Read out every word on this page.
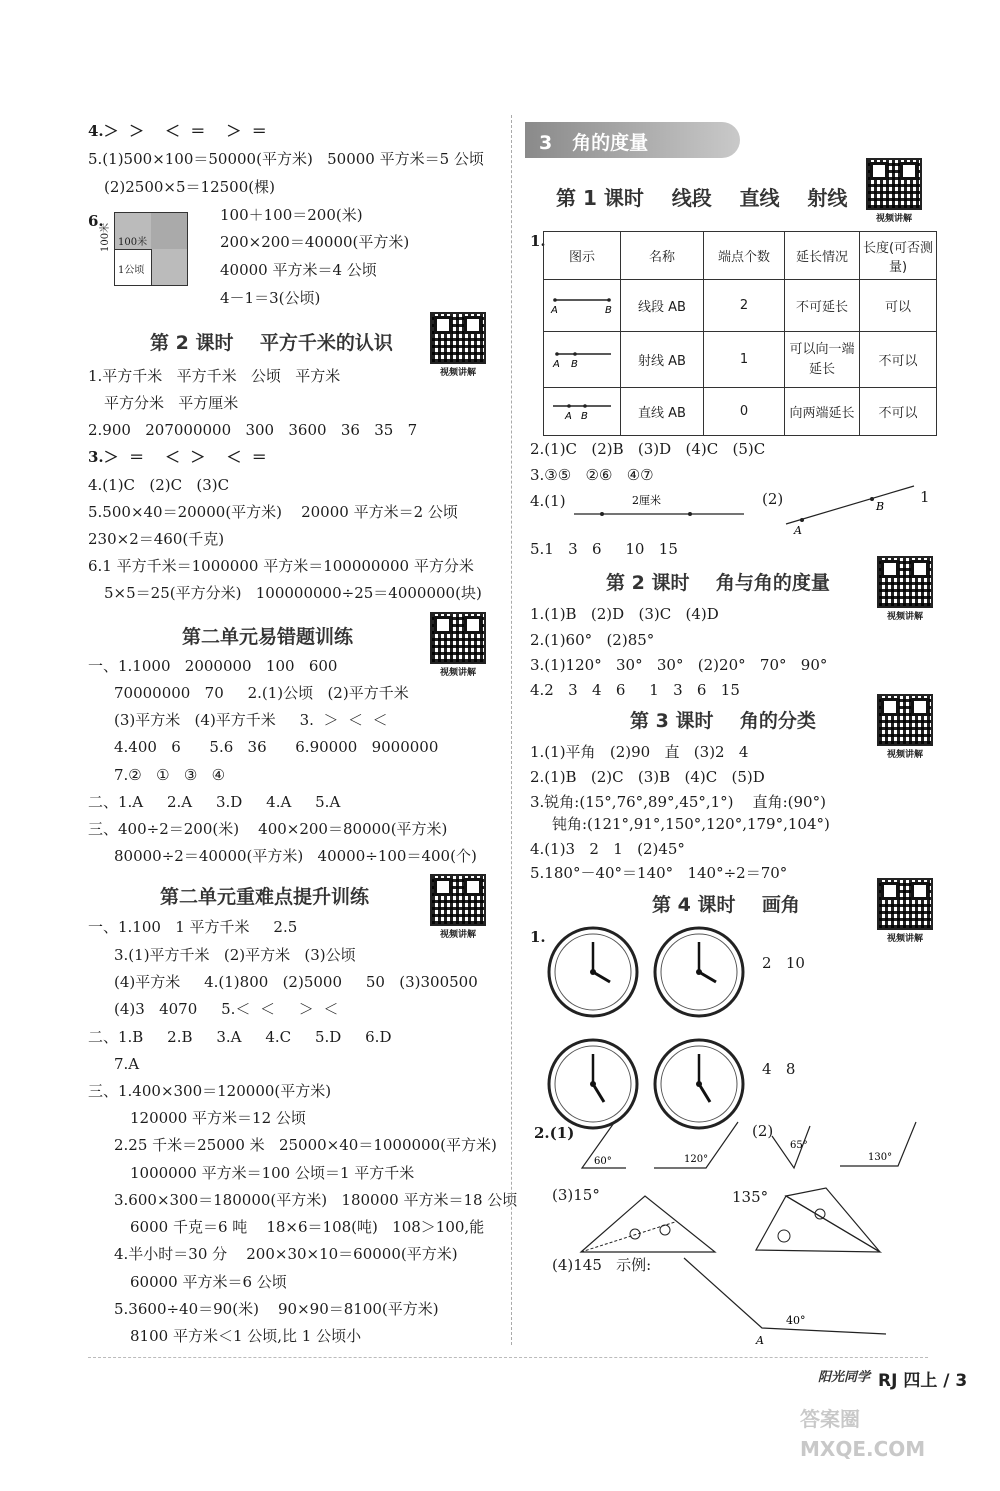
4.＞  ＞    ＜  ＝    ＞  ＝
5.(1)500×100＝50000(平方米)   50000 平方米＝5 公顷
(2)2500×5＝12500(棵)
6.
100米
1公顷
100米
100＋100＝200(米)
200×200＝40000(平方米)
40000 平方米＝4 公顷
4－1＝3(公顷)
第 2 课时    平方千米的认识
视频讲解
1.平方千米   平方千米   公顷   平方米
平方分米   平方厘米
2.900   207000000   300   3600   36   35   7
3.＞  ＝    ＜  ＞    ＜  ＝
4.(1)C   (2)C   (3)C
5.500×40＝20000(平方米)    20000 平方米＝2 公顷
230×2＝460(千克)
6.1 平方千米＝1000000 平方米＝100000000 平方分米
5×5＝25(平方分米)   100000000÷25＝4000000(块)
第二单元易错题训练
视频讲解
一、1.1000   2000000   100   600
70000000   70     2.(1)公顷   (2)平方千米
(3)平方米   (4)平方千米     3.  ＞  ＜  ＜
4.400   6      5.6   36      6.90000   9000000
7.②   ①   ③   ④
二、1.A     2.A     3.D     4.A     5.A
三、400÷2＝200(米)    400×200＝80000(平方米)
80000÷2＝40000(平方米)   40000÷100＝400(个)
第二单元重难点提升训练
视频讲解
一、1.100   1 平方千米     2.5
3.(1)平方千米   (2)平方米   (3)公顷
(4)平方米     4.(1)800   (2)5000     50   (3)300500
(4)3   4070     5.＜  ＜     ＞  ＜
二、1.B     2.B     3.A     4.C     5.D     6.D
7.A
三、1.400×300＝120000(平方米)
120000 平方米＝12 公顷
2.25 千米＝25000 米   25000×40＝1000000(平方米)
1000000 平方米＝100 公顷＝1 平方千米
3.600×300＝180000(平方米)   180000 平方米＝18 公顷
6000 千克＝6 吨    18×6＝108(吨)   108＞100,能
4.半小时＝30 分    200×30×10＝60000(平方米)
60000 平方米＝6 公顷
5.3600÷40＝90(米)    90×90＝8100(平方米)
8100 平方米＜1 公顷,比 1 公顷小
3   角的度量
视频讲解
第 1 课时    线段    直线    射线
1.
图示	名称	端点个数	延长情况	长度(可否测量)

A B	线段 AB	2	不可延长	可以

A B	射线 AB	1	可以向一端延长	不可以

A B	直线 AB	0	向两端延长	不可以
2.(1)C   (2)B   (3)D   (4)C   (5)C
3.③⑤   ②⑥   ④⑦
4.(1)	2厘米	(2)
A
B
1
5.1   3   6     10   15
第 2 课时    角与角的度量
视频讲解
1.(1)B   (2)D   (3)C   (4)D
2.(1)60°   (2)85°
3.(1)120°   30°   30°   (2)20°   70°   90°
4.2   3   4   6     1   3   6   15
第 3 课时    角的分类
视频讲解
1.(1)平角   (2)90   直   (3)2   4
2.(1)B   (2)C   (3)B   (4)C   (5)D
3.锐角:(15°,76°,89°,45°,1°)    直角:(90°)
钝角:(121°,91°,150°,120°,179°,104°)
4.(1)3   2   1   (2)45°
5.180°－40°＝140°   140°÷2＝70°
第 4 课时    画角
视频讲解
1.
2   10
4   8
2.(1)
60°	120°
65°
130°
(2)
(3)15°	135°
(4)145   示例:
40°
A
阳光同学 RJ 四上 / 3
答案圈 MXQE.COM
